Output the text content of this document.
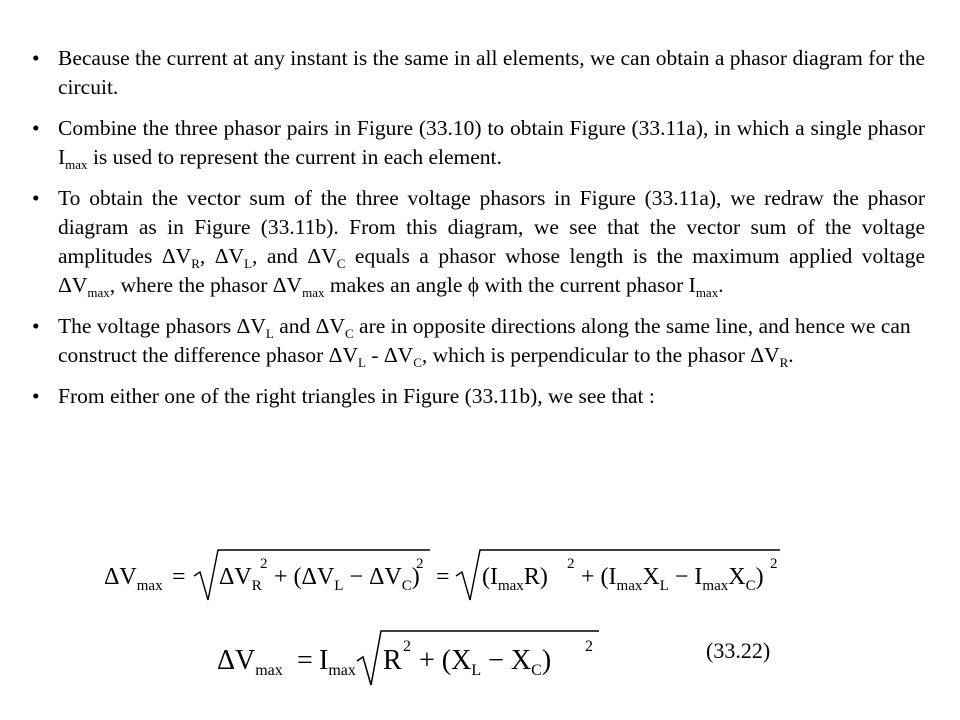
• Because the current at any instant is the same in all elements, we can obtain a phasor diagram for the circuit.
• Combine the three phasor pairs in Figure (33.10) to obtain Figure (33.11a), in which a single phasor $I_{max}$ is used to represent the current in each element.
• To obtain the vector sum of the three voltage phasors in Figure (33.11a), we redraw the phasor diagram as in Figure (33.11b). From this diagram, we see that the vector sum of the voltage amplitudes $\Delta V_R$, $\Delta V_L$, and $\Delta V_C$ equals a phasor whose length is the maximum applied voltage $\Delta V_{max}$, where the phasor $\Delta V_{max}$ makes an angle ϕ with the current phasor $I_{max}$.
• The voltage phasors $\Delta V_L$ and $\Delta V_C$ are in opposite directions along the same line, and hence we can construct the difference phasor $\Delta V_L - \Delta V_C$, which is perpendicular to the phasor $\Delta V_R$.
• From either one of the right triangles in Figure (33.11b), we see that :
$\Delta V_{max} = \Delta V_R$
$2 + (\Delta V_L - \Delta V_C)$
$2 = (I_{max}R) 2 + (I_{max}X_L - I_{max}X_C)$ 2
$\Delta V_{max} = I_{max}$ R $2 + (X_L - X_C)$ 2	(33.22)
